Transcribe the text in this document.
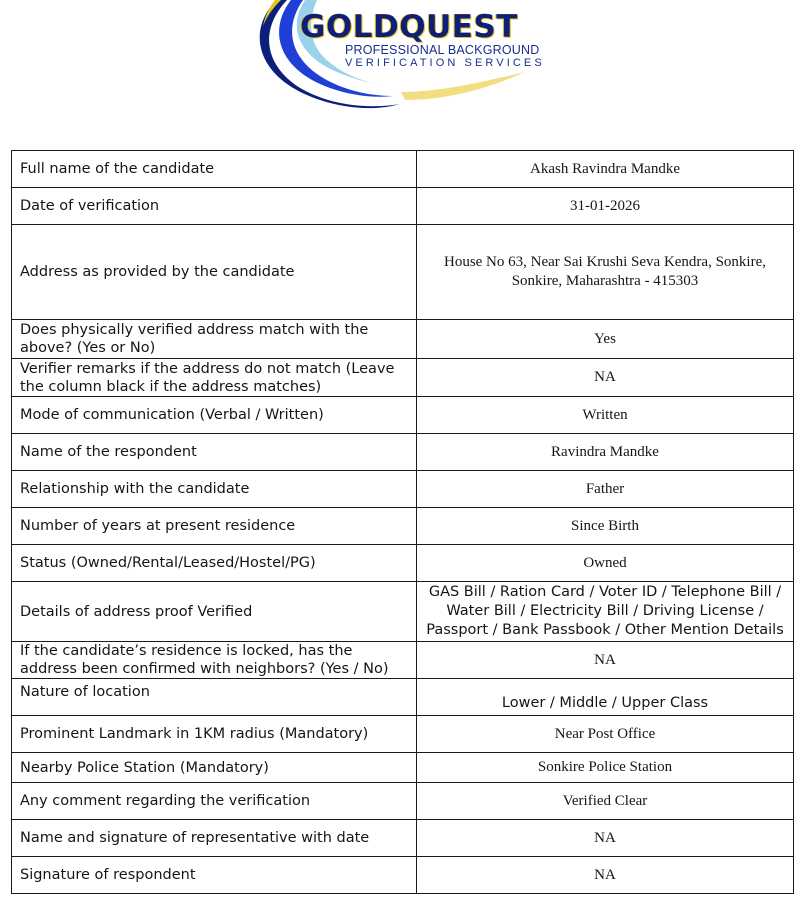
GOLDQUEST
PROFESSIONAL BACKGROUND
VERIFICATION SERVICES
Full name of the candidate	Akash Ravindra Mandke
Date of verification	31-01-2026
Address as provided by the candidate	House No 63, Near Sai Krushi Seva Kendra, Sonkire, Sonkire, Maharashtra - 415303
Does physically verified address match with the above? (Yes or No)	Yes
Verifier remarks if the address do not match (Leave the column black if the address matches)	NA
Mode of communication (Verbal / Written)	Written
Name of the respondent	Ravindra Mandke
Relationship with the candidate	Father
Number of years at present residence	Since Birth
Status (Owned/Rental/Leased/Hostel/PG)	Owned
Details of address proof Verified	GAS Bill / Ration Card / Voter ID / Telephone Bill / Water Bill / Electricity Bill / Driving License / Passport / Bank Passbook / Other Mention Details
If the candidate’s residence is locked, has the address been confirmed with neighbors? (Yes / No)	NA
Nature of location	Lower / Middle / Upper Class
Prominent Landmark in 1KM radius (Mandatory)	Near Post Office
Nearby Police Station (Mandatory)	Sonkire Police Station
Any comment regarding the verification	Verified Clear
Name and signature of representative with date	NA
Signature of respondent	NA
